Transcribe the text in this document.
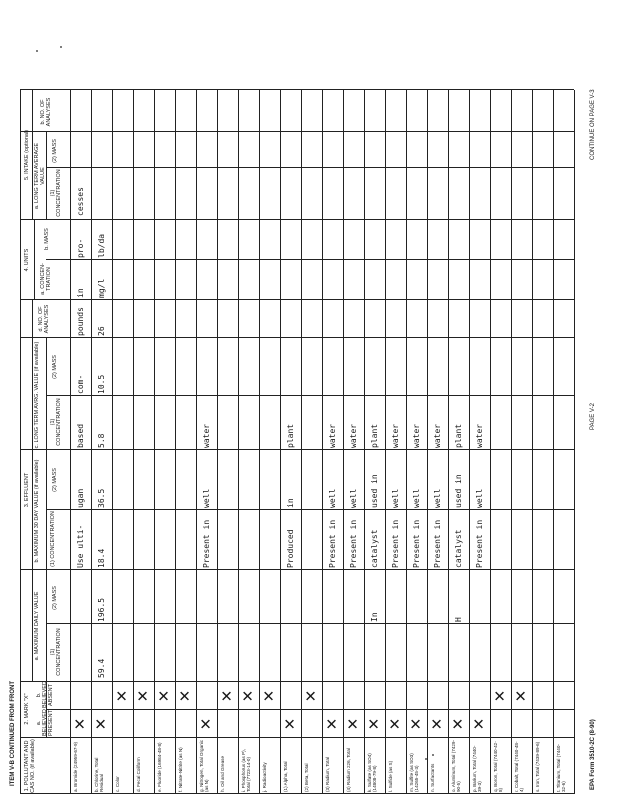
ITEM V-B CONTINUED FROM FRONT 1. POLLUTANT AND CAS NO. (if available)
2. MARK "X" a. BELIEVED PRESENT
b. BELIEVED ABSENT
3. EFFLUENT
a. MAXIMUM DAILY VALUE
b. MAXIMUM 30 DAY VALUE (if available)
c. LONG TERM AVRG. VALUE (if available)
d. NO. OF ANALYSES
(1) CONCENTRATION
(2) MASS
(1) CONCENTRATION
(2) MASS
(1) CONCENTRATION
(2) MASS
4. UNITS
a. CONCEN-TRATION
b. MASS
5. INTAKE (optional) a. LONG TERM AVERAGE VALUE
(1) CONCENTRATION
(2) MASS
b. NO. OF ANALYSES
a. Bromide (24959-67-9)
✕
Use ulti-
ugan
based
com-
pounds
in
pro-
cesses
b. Chlorine, Total Residual
✕
59.4
196.5
18.4
36.5
5.8
10.5
26
mg/l
lb/da
c. Color
✕
d. Fecal Coliform
✕
e. Fluoride (16984-48-8)
✕
f. Nitrate-Nitrite (as N)
✕
g. Nitrogen, Total Organic (as N)
✕
Present in
well
water
h. Oil and Grease
✕
i. Phosphorus (as P), Total (7723-14-0)
✕
j. Radioactivity
✕
(1) Alpha, Total
✕
Produced
in
plant
(2) Beta, Total
✕
(3) Radium, Total
✕
Present in
well
water
(4) Radium 226, Total
✕
Present in
well
water
k. Sulfate (as SO4) (14808-79-8)
✕
In
catalyst
used in
plant
l. Sulfide (as S)
✕
Present in
well
water
m. Sulfite (as SO3) (14265-45-3)
✕
Present in
well
water
n. Surfactants
✕
Present in
well
water
o. Aluminum, Total (7429-90-5)
✕
H
catalyst
used in
plant
p. Barium, Total (7440-39-3)
✕
Present in
well
water
q. Boron, Total (7440-42-8)
✕
r. Cobalt, Total (7440-48-4)
✕
s. Iron, Total (7439-89-6)	t. Titanium, Total (7440-32-6)	EPA Form 3510-2C (8-90)
PAGE V-2
CONTINUE ON PAGE V-3
